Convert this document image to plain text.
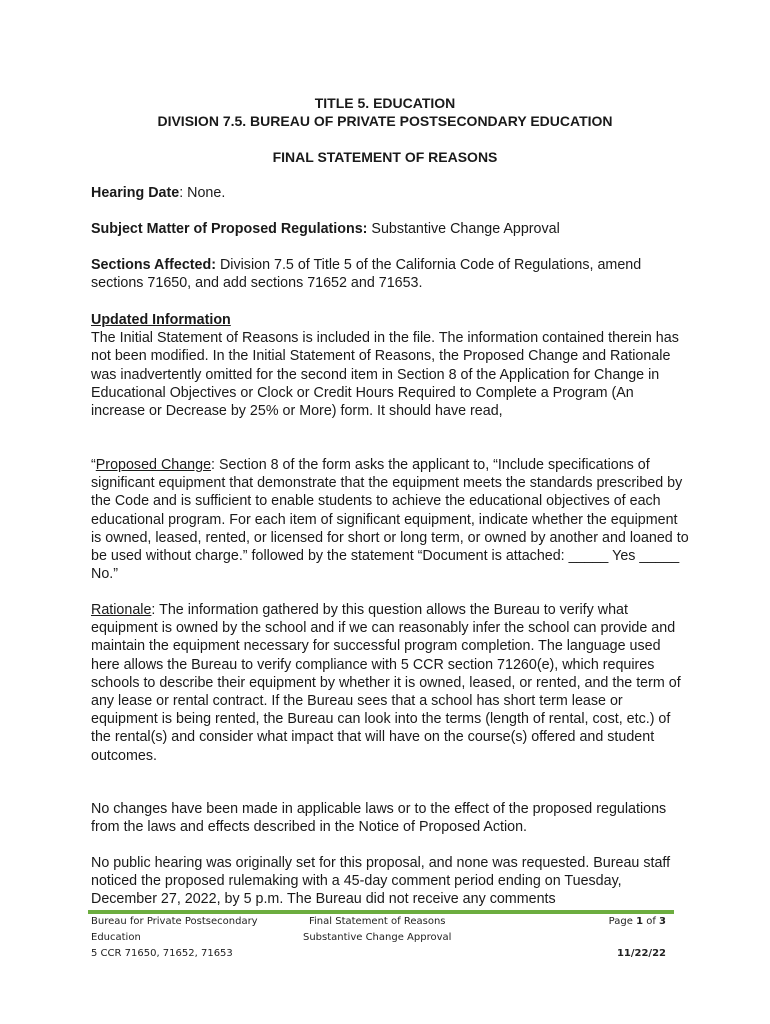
TITLE 5. EDUCATION

DIVISION 7.5. BUREAU OF PRIVATE POSTSECONDARY EDUCATION

FINAL STATEMENT OF REASONS

Hearing Date: None.

Subject Matter of Proposed Regulations: Substantive Change Approval

Sections Affected: Division 7.5 of Title 5 of the California Code of Regulations, amend sections 71650, and add sections 71652 and 71653.

Updated Information
The Initial Statement of Reasons is included in the file. The information contained therein has not been modified. In the Initial Statement of Reasons, the Proposed Change and Rationale was inadvertently omitted for the second item in Section 8 of the Application for Change in Educational Objectives or Clock or Credit Hours Required to Complete a Program (An increase or Decrease by 25% or More) form. It should have read,

“Proposed Change: Section 8 of the form asks the applicant to, “Include specifications of significant equipment that demonstrate that the equipment meets the standards prescribed by the Code and is sufficient to enable students to achieve the educational objectives of each educational program. For each item of significant equipment, indicate whether the equipment is owned, leased, rented, or licensed for short or long term, or owned by another and loaned to be used without charge.” followed by the statement “Document is attached: _____ Yes _____ No.”

Rationale: The information gathered by this question allows the Bureau to verify what equipment is owned by the school and if we can reasonably infer the school can provide and maintain the equipment necessary for successful program completion. The language used here allows the Bureau to verify compliance with 5 CCR section 71260(e), which requires schools to describe their equipment by whether it is owned, leased, or rented, and the term of any lease or rental contract. If the Bureau sees that a school has short term lease or equipment is being rented, the Bureau can look into the terms (length of rental, cost, etc.) of the rental(s) and consider what impact that will have on the course(s) offered and student outcomes.

No changes have been made in applicable laws or to the effect of the proposed regulations from the laws and effects described in the Notice of Proposed Action.

No public hearing was originally set for this proposal, and none was requested. Bureau staff noticed the proposed rulemaking with a 45-day comment period ending on Tuesday, December 27, 2022, by 5 p.m. The Bureau did not receive any comments

Bureau for Private Postsecondary
Education
5 CCR 71650, 71652, 71653
Final Statement of Reasons
Substantive Change Approval
Page 1 of 3
11/22/22
